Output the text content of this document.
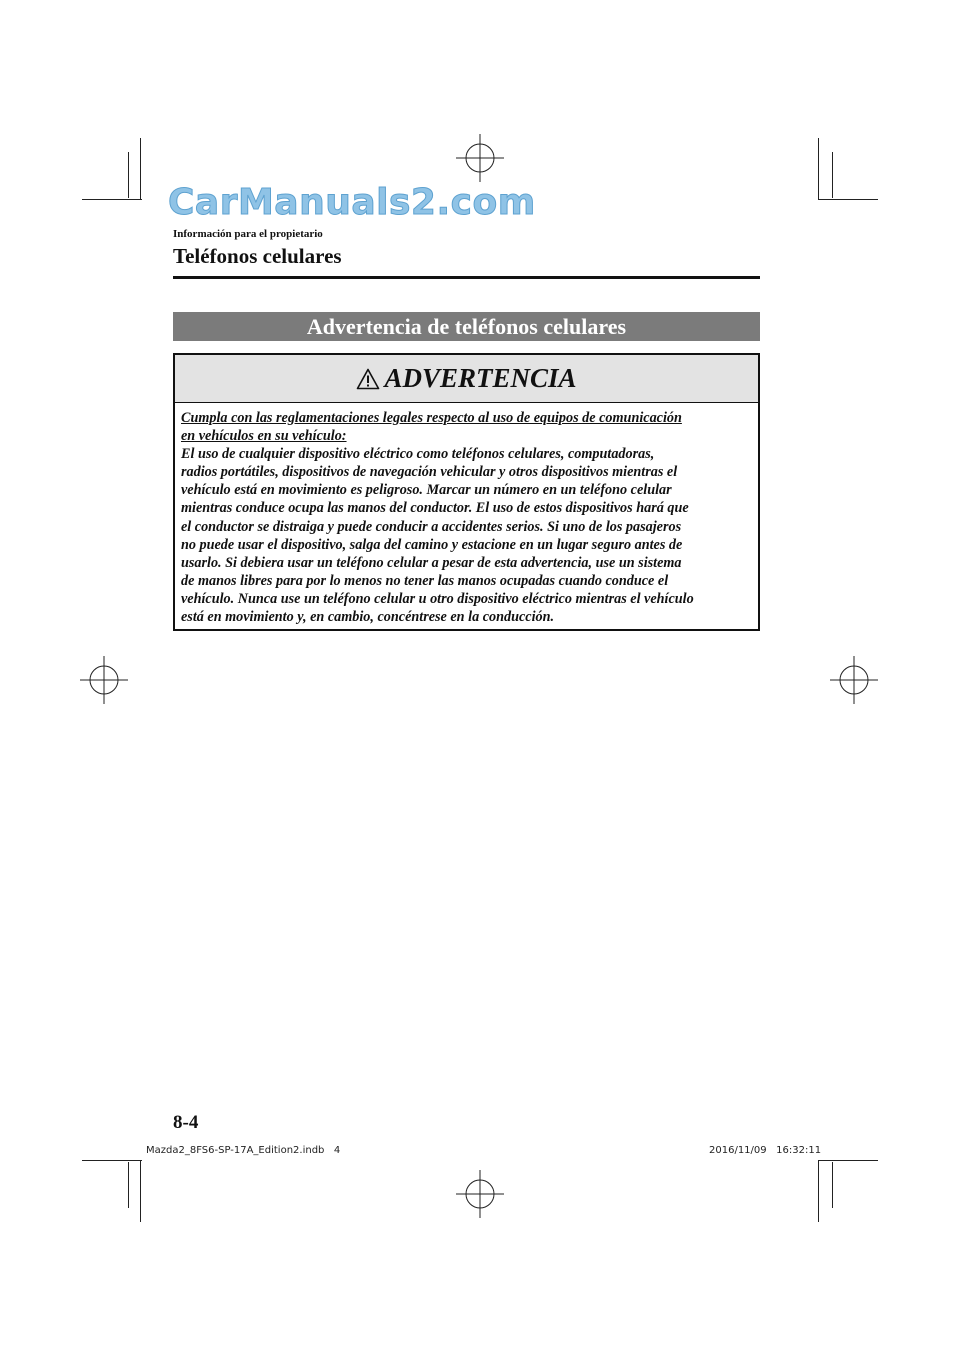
CarManuals2.com
Información para el propietario
Teléfonos celulares
Advertencia de teléfonos celulares
ADVERTENCIA
Cumpla con las reglamentaciones legales respecto al uso de equipos de comunicación
en vehículos en su vehículo:
El uso de cualquier dispositivo eléctrico como teléfonos celulares, computadoras,
radios portátiles, dispositivos de navegación vehicular y otros dispositivos mientras el
vehículo está en movimiento es peligroso. Marcar un número en un teléfono celular
mientras conduce ocupa las manos del conductor. El uso de estos dispositivos hará que
el conductor se distraiga y puede conducir a accidentes serios. Si uno de los pasajeros
no puede usar el dispositivo, salga del camino y estacione en un lugar seguro antes de
usarlo. Si debiera usar un teléfono celular a pesar de esta advertencia, use un sistema
de manos libres para por lo menos no tener las manos ocupadas cuando conduce el
vehículo. Nunca use un teléfono celular u otro dispositivo eléctrico mientras el vehículo
está en movimiento y, en cambio, concéntrese en la conducción.
8-4
Mazda2_8FS6-SP-17A_Edition2.indb   4	2016/11/09   16:32:11
